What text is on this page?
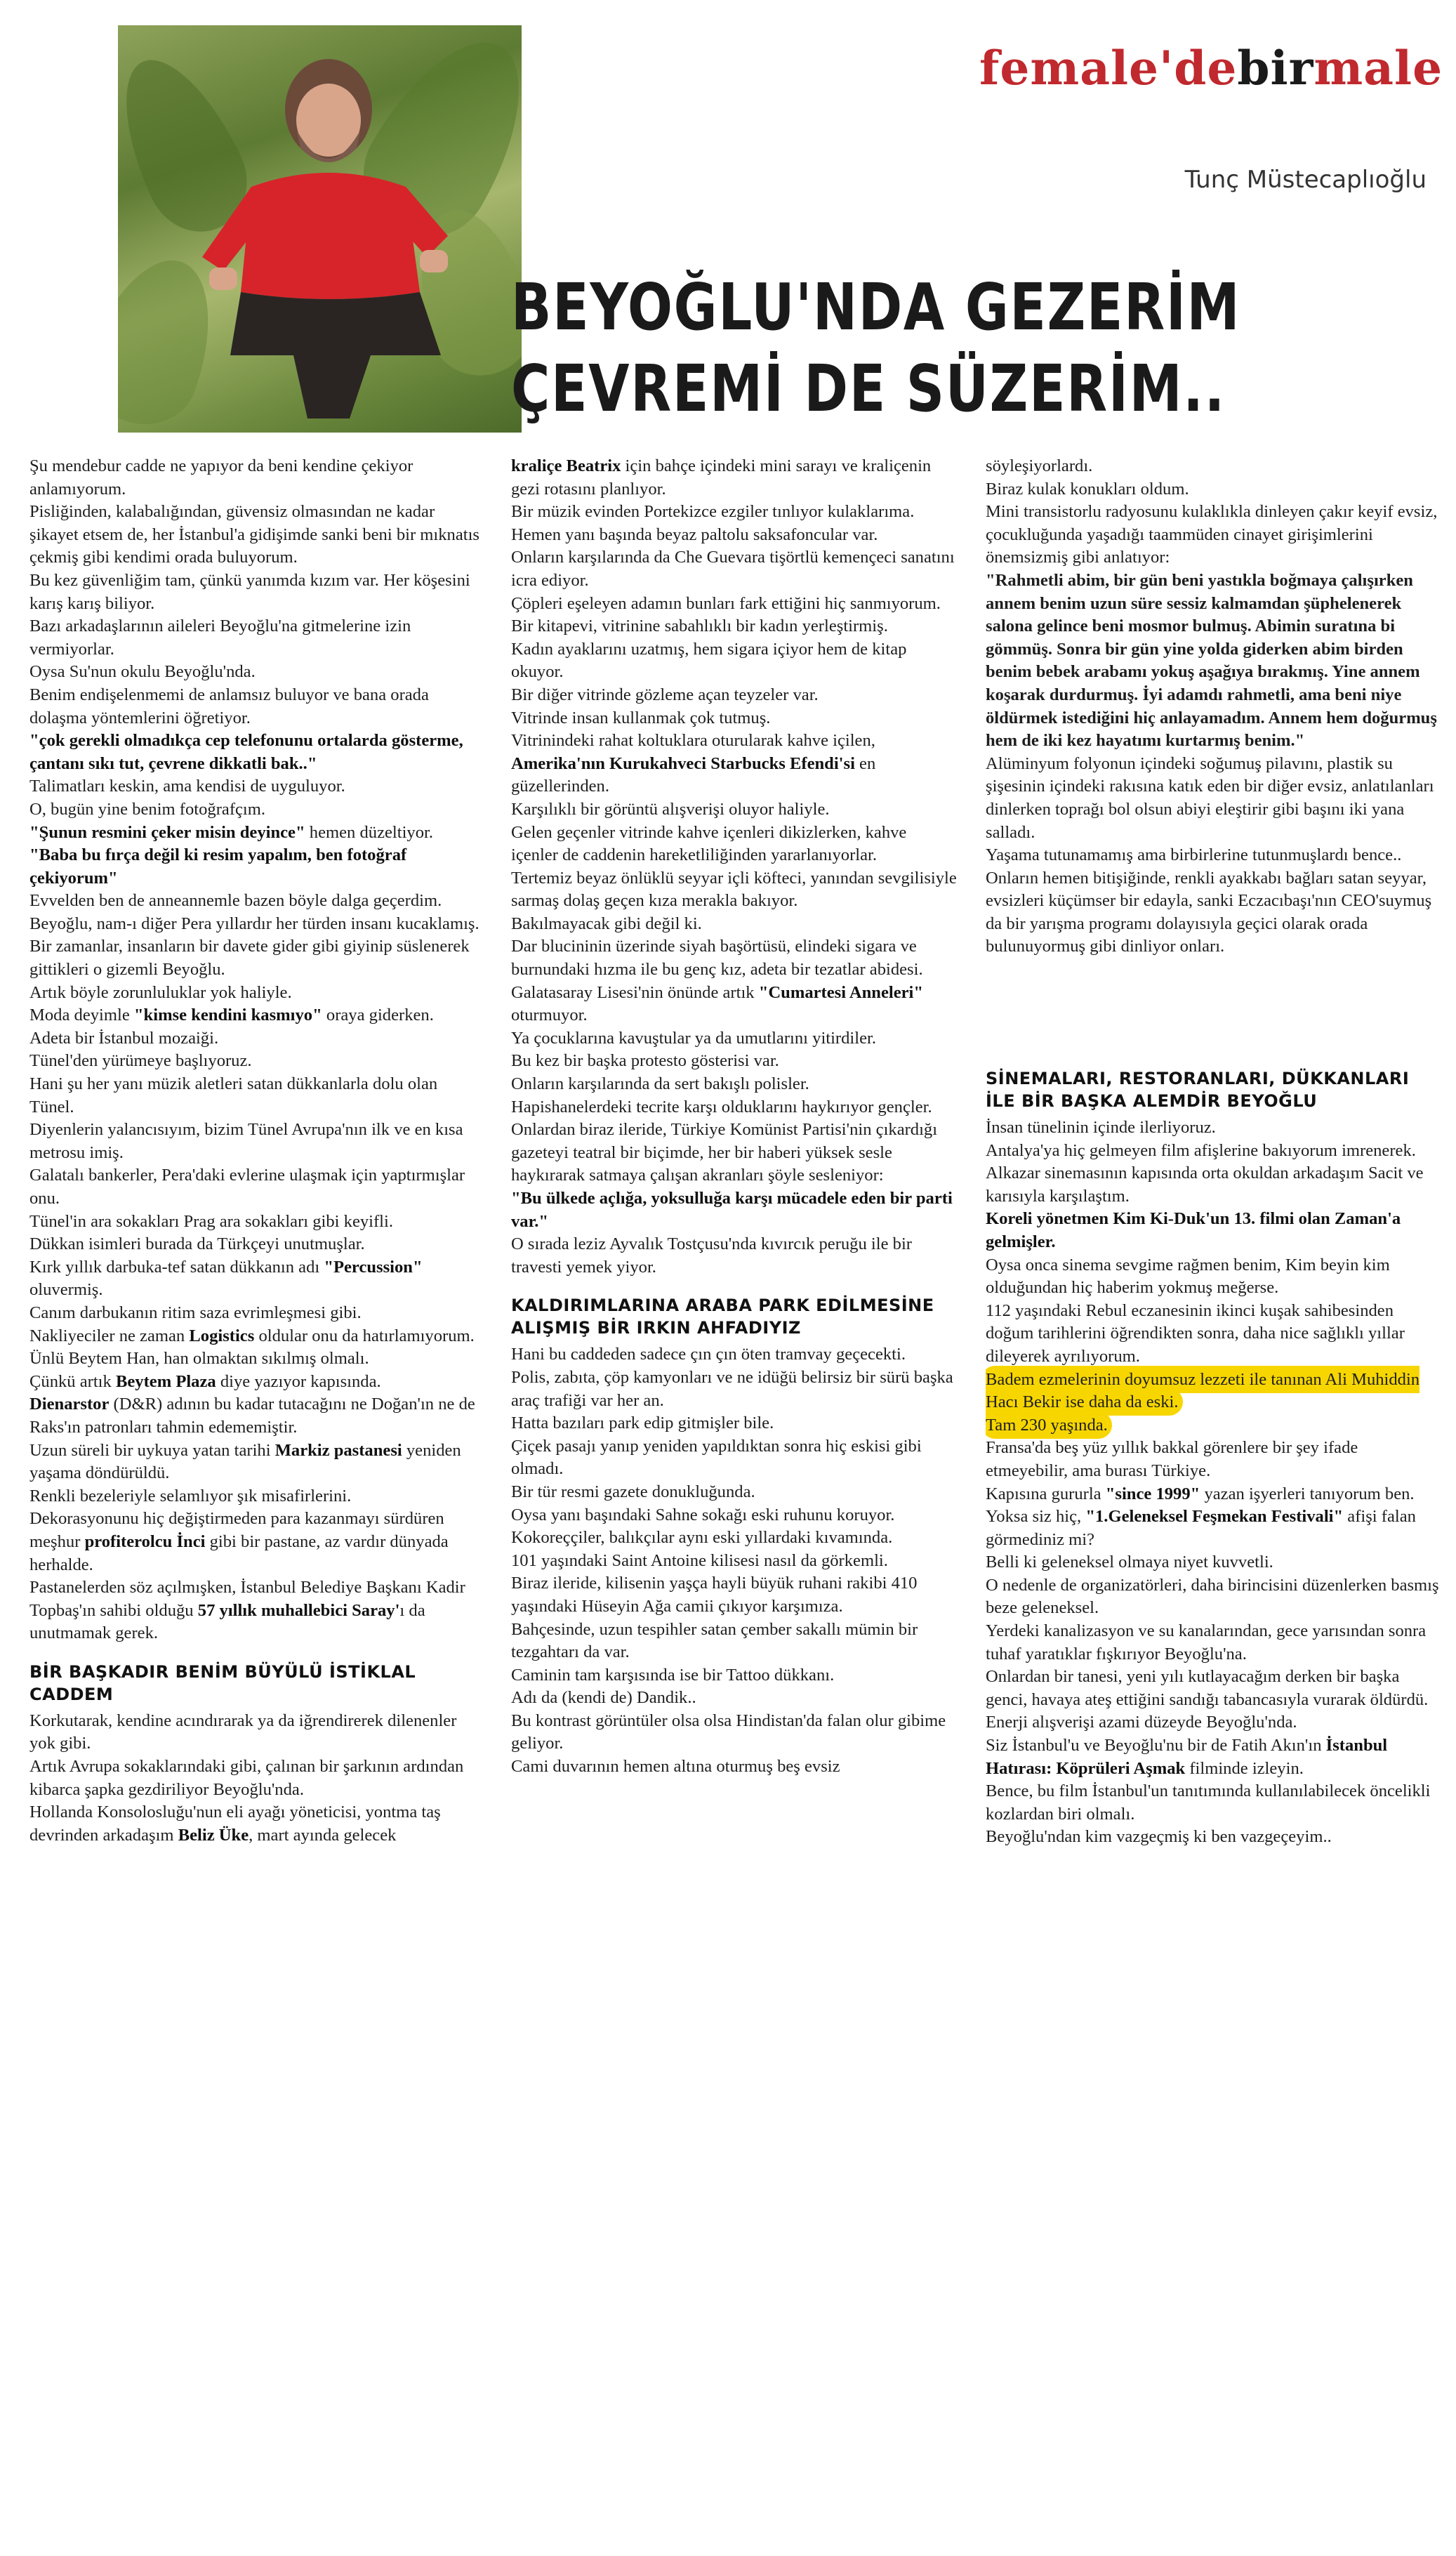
female'debirmale
Tunç Müstecaplıoğlu
BEYOĞLU'NDA GEZERİM
ÇEVREMİ DE SÜZERİM..

Şu mendebur cadde ne yapıyor da beni kendine çekiyor anlamıyorum.

Pisliğinden, kalabalığından, güvensiz olmasından ne kadar şikayet etsem de, her İstanbul'a gidişimde sanki beni bir mıknatıs çekmiş gibi kendimi orada buluyorum.

Bu kez güvenliğim tam, çünkü yanımda kızım var. Her köşesini karış karış biliyor.

Bazı arkadaşlarının aileleri Beyoğlu'na gitmelerine izin vermiyorlar.

Oysa Su'nun okulu Beyoğlu'nda.

Benim endişelenmemi de anlamsız buluyor ve bana orada dolaşma yöntemlerini öğretiyor.

"çok gerekli olmadıkça cep telefonunu ortalarda gösterme, çantanı sıkı tut, çevrene dikkatli bak.."

Talimatları keskin, ama kendisi de uyguluyor.

O, bugün yine benim fotoğrafçım.

"Şunun resmini çeker misin deyince" hemen düzeltiyor.

"Baba bu fırça değil ki resim yapalım, ben fotoğraf çekiyorum"

Evvelden ben de anneannemle bazen böyle dalga geçerdim.

Beyoğlu, nam-ı diğer Pera yıllardır her türden insanı kucaklamış.

Bir zamanlar, insanların bir davete gider gibi giyinip süslenerek gittikleri o gizemli Beyoğlu.

Artık böyle zorunluluklar yok haliyle.

Moda deyimle "kimse kendini kasmıyo" oraya giderken.

Adeta bir İstanbul mozaiği.

Tünel'den yürümeye başlıyoruz.

Hani şu her yanı müzik aletleri satan dükkanlarla dolu olan Tünel.

Diyenlerin yalancısıyım, bizim Tünel Avrupa'nın ilk ve en kısa metrosu imiş.

Galatalı bankerler, Pera'daki evlerine ulaşmak için yaptırmışlar onu.

Tünel'in ara sokakları Prag ara sokakları gibi keyifli.

Dükkan isimleri burada da Türkçeyi unutmuşlar.

Kırk yıllık darbuka-tef satan dükkanın adı "Percussion" oluvermiş.

Canım darbukanın ritim saza evrimleşmesi gibi.

Nakliyeciler ne zaman Logistics oldular onu da hatırlamıyorum.

Ünlü Beytem Han, han olmaktan sıkılmış olmalı.

Çünkü artık Beytem Plaza diye yazıyor kapısında.

Dienarstor (D&R) adının bu kadar tutacağını ne Doğan'ın ne de Raks'ın patronları tahmin edememiştir.

Uzun süreli bir uykuya yatan tarihi Markiz pastanesi yeniden yaşama döndürüldü.

Renkli bezeleriyle selamlıyor şık misafirlerini.

Dekorasyonunu hiç değiştirmeden para kazanmayı sürdüren meşhur profiterolcu İnci gibi bir pastane, az vardır dünyada herhalde.

Pastanelerden söz açılmışken, İstanbul Belediye Başkanı Kadir Topbaş'ın sahibi olduğu 57 yıllık muhallebici Saray'ı da unutmamak gerek.

BİR BAŞKADIR BENİM BÜYÜLÜ İSTİKLAL CADDEM

Korkutarak, kendine acındırarak ya da iğrendirerek dilenenler yok gibi.

Artık Avrupa sokaklarındaki gibi, çalınan bir şarkının ardından kibarca şapka gezdiriliyor Beyoğlu'nda.

Hollanda Konsolosluğu'nun eli ayağı yöneticisi, yontma taş devrinden arkadaşım Beliz Üke, mart ayında gelecek

kraliçe Beatrix için bahçe içindeki mini sarayı ve kraliçenin gezi rotasını planlıyor.

Bir müzik evinden Portekizce ezgiler tınlıyor kulaklarıma.

Hemen yanı başında beyaz paltolu saksafoncular var.

Onların karşılarında da Che Guevara tişörtlü kemençeci sanatını icra ediyor.

Çöpleri eşeleyen adamın bunları fark ettiğini hiç sanmıyorum.

Bir kitapevi, vitrinine sabahlıklı bir kadın yerleştirmiş.

Kadın ayaklarını uzatmış, hem sigara içiyor hem de kitap okuyor.

Bir diğer vitrinde gözleme açan teyzeler var.

Vitrinde insan kullanmak çok tutmuş.

Vitrinindeki rahat koltuklara oturularak kahve içilen, Amerika'nın Kurukahveci Starbucks Efendi'si en güzellerinden.

Karşılıklı bir görüntü alışverişi oluyor haliyle.

Gelen geçenler vitrinde kahve içenleri dikizlerken, kahve içenler de caddenin hareketliliğinden yararlanıyorlar.

Tertemiz beyaz önlüklü seyyar içli köfteci, yanından sevgilisiyle sarmaş dolaş geçen kıza merakla bakıyor.

Bakılmayacak gibi değil ki.

Dar blucininin üzerinde siyah başörtüsü, elindeki sigara ve burnundaki hızma ile bu genç kız, adeta bir tezatlar abidesi.

Galatasaray Lisesi'nin önünde artık "Cumartesi Anneleri" oturmuyor.

Ya çocuklarına kavuştular ya da umutlarını yitirdiler.

Bu kez bir başka protesto gösterisi var.

Onların karşılarında da sert bakışlı polisler.

Hapishanelerdeki tecrite karşı olduklarını haykırıyor gençler.

Onlardan biraz ileride, Türkiye Komünist Partisi'nin çıkardığı gazeteyi teatral bir biçimde, her bir haberi yüksek sesle haykırarak satmaya çalışan akranları şöyle sesleniyor:

"Bu ülkede açlığa, yoksulluğa karşı mücadele eden bir parti var."

O sırada leziz Ayvalık Tostçusu'nda kıvırcık peruğu ile bir travesti yemek yiyor.

KALDIRIMLARINA ARABA PARK EDİLMESİNE ALIŞMIŞ BİR IRKIN AHFADIYIZ

Hani bu caddeden sadece çın çın öten tramvay geçecekti.

Polis, zabıta, çöp kamyonları ve ne idüğü belirsiz bir sürü başka araç trafiği var her an.

Hatta bazıları park edip gitmişler bile.

Çiçek pasajı yanıp yeniden yapıldıktan sonra hiç eskisi gibi olmadı.

Bir tür resmi gazete donukluğunda.

Oysa yanı başındaki Sahne sokağı eski ruhunu koruyor.

Kokoreççiler, balıkçılar aynı eski yıllardaki kıvamında.

101 yaşındaki Saint Antoine kilisesi nasıl da görkemli.

Biraz ileride, kilisenin yaşça hayli büyük ruhani rakibi 410 yaşındaki Hüseyin Ağa camii çıkıyor karşımıza.

Bahçesinde, uzun tespihler satan çember sakallı mümin bir tezgahtarı da var.

Caminin tam karşısında ise bir Tattoo dükkanı.

Adı da (kendi de) Dandik..

Bu kontrast görüntüler olsa olsa Hindistan'da falan olur gibime geliyor.

Cami duvarının hemen altına oturmuş beş evsiz

söyleşiyorlardı.

Biraz kulak konukları oldum.

Mini transistorlu radyosunu kulaklıkla dinleyen çakır keyif evsiz, çocukluğunda yaşadığı taammüden cinayet girişimlerini önemsizmiş gibi anlatıyor:

"Rahmetli abim, bir gün beni yastıkla boğmaya çalışırken annem benim uzun süre sessiz kalmamdan şüphelenerek salona gelince beni mosmor bulmuş. Abimin suratına bi gömmüş. Sonra bir gün yine yolda giderken abim birden benim bebek arabamı yokuş aşağıya bırakmış. Yine annem koşarak durdurmuş. İyi adamdı rahmetli, ama beni niye öldürmek istediğini hiç anlayamadım. Annem hem doğurmuş hem de iki kez hayatımı kurtarmış benim."

Alüminyum folyonun içindeki soğumuş pilavını, plastik su şişesinin içindeki rakısına katık eden bir diğer evsiz, anlatılanları dinlerken toprağı bol olsun abiyi eleştirir gibi başını iki yana salladı.

Yaşama tutunamamış ama birbirlerine tutunmuşlardı bence..

Onların hemen bitişiğinde, renkli ayakkabı bağları satan seyyar, evsizleri küçümser bir edayla, sanki Eczacıbaşı'nın CEO'suymuş da bir yarışma programı dolayısıyla geçici olarak orada bulunuyormuş gibi dinliyor onları.

SİNEMALARI, RESTORANLARI, DÜKKANLARI İLE BİR BAŞKA ALEMDİR BEYOĞLU

İnsan tünelinin içinde ilerliyoruz.

Antalya'ya hiç gelmeyen film afişlerine bakıyorum imrenerek.

Alkazar sinemasının kapısında orta okuldan arkadaşım Sacit ve karısıyla karşılaştım.

Koreli yönetmen Kim Ki-Duk'un 13. filmi olan Zaman'a gelmişler.

Oysa onca sinema sevgime rağmen benim, Kim beyin kim olduğundan hiç haberim yokmuş meğerse.

112 yaşındaki Rebul eczanesinin ikinci kuşak sahibesinden doğum tarihlerini öğrendikten sonra, daha nice sağlıklı yıllar dileyerek ayrılıyorum.

Badem ezmelerinin doyumsuz lezzeti ile tanınan Ali Muhiddin Hacı Bekir ise daha da eski.

Tam 230 yaşında.

Fransa'da beş yüz yıllık bakkal görenlere bir şey ifade etmeyebilir, ama burası Türkiye.

Kapısına gururla "since 1999" yazan işyerleri tanıyorum ben.

Yoksa siz hiç, "1.Geleneksel Feşmekan Festivali" afişi falan görmediniz mi?

Belli ki geleneksel olmaya niyet kuvvetli.

O nedenle de organizatörleri, daha birincisini düzenlerken basmış beze geleneksel.

Yerdeki kanalizasyon ve su kanalarından, gece yarısından sonra tuhaf yaratıklar fışkırıyor Beyoğlu'na.

Onlardan bir tanesi, yeni yılı kutlayacağım derken bir başka genci, havaya ateş ettiğini sandığı tabancasıyla vurarak öldürdü.

Enerji alışverişi azami düzeyde Beyoğlu'nda.

Siz İstanbul'u ve Beyoğlu'nu bir de Fatih Akın'ın İstanbul Hatırası: Köprüleri Aşmak filminde izleyin.

Bence, bu film İstanbul'un tanıtımında kullanılabilecek öncelikli kozlardan biri olmalı.

Beyoğlu'ndan kim vazgeçmiş ki ben vazgeçeyim..
